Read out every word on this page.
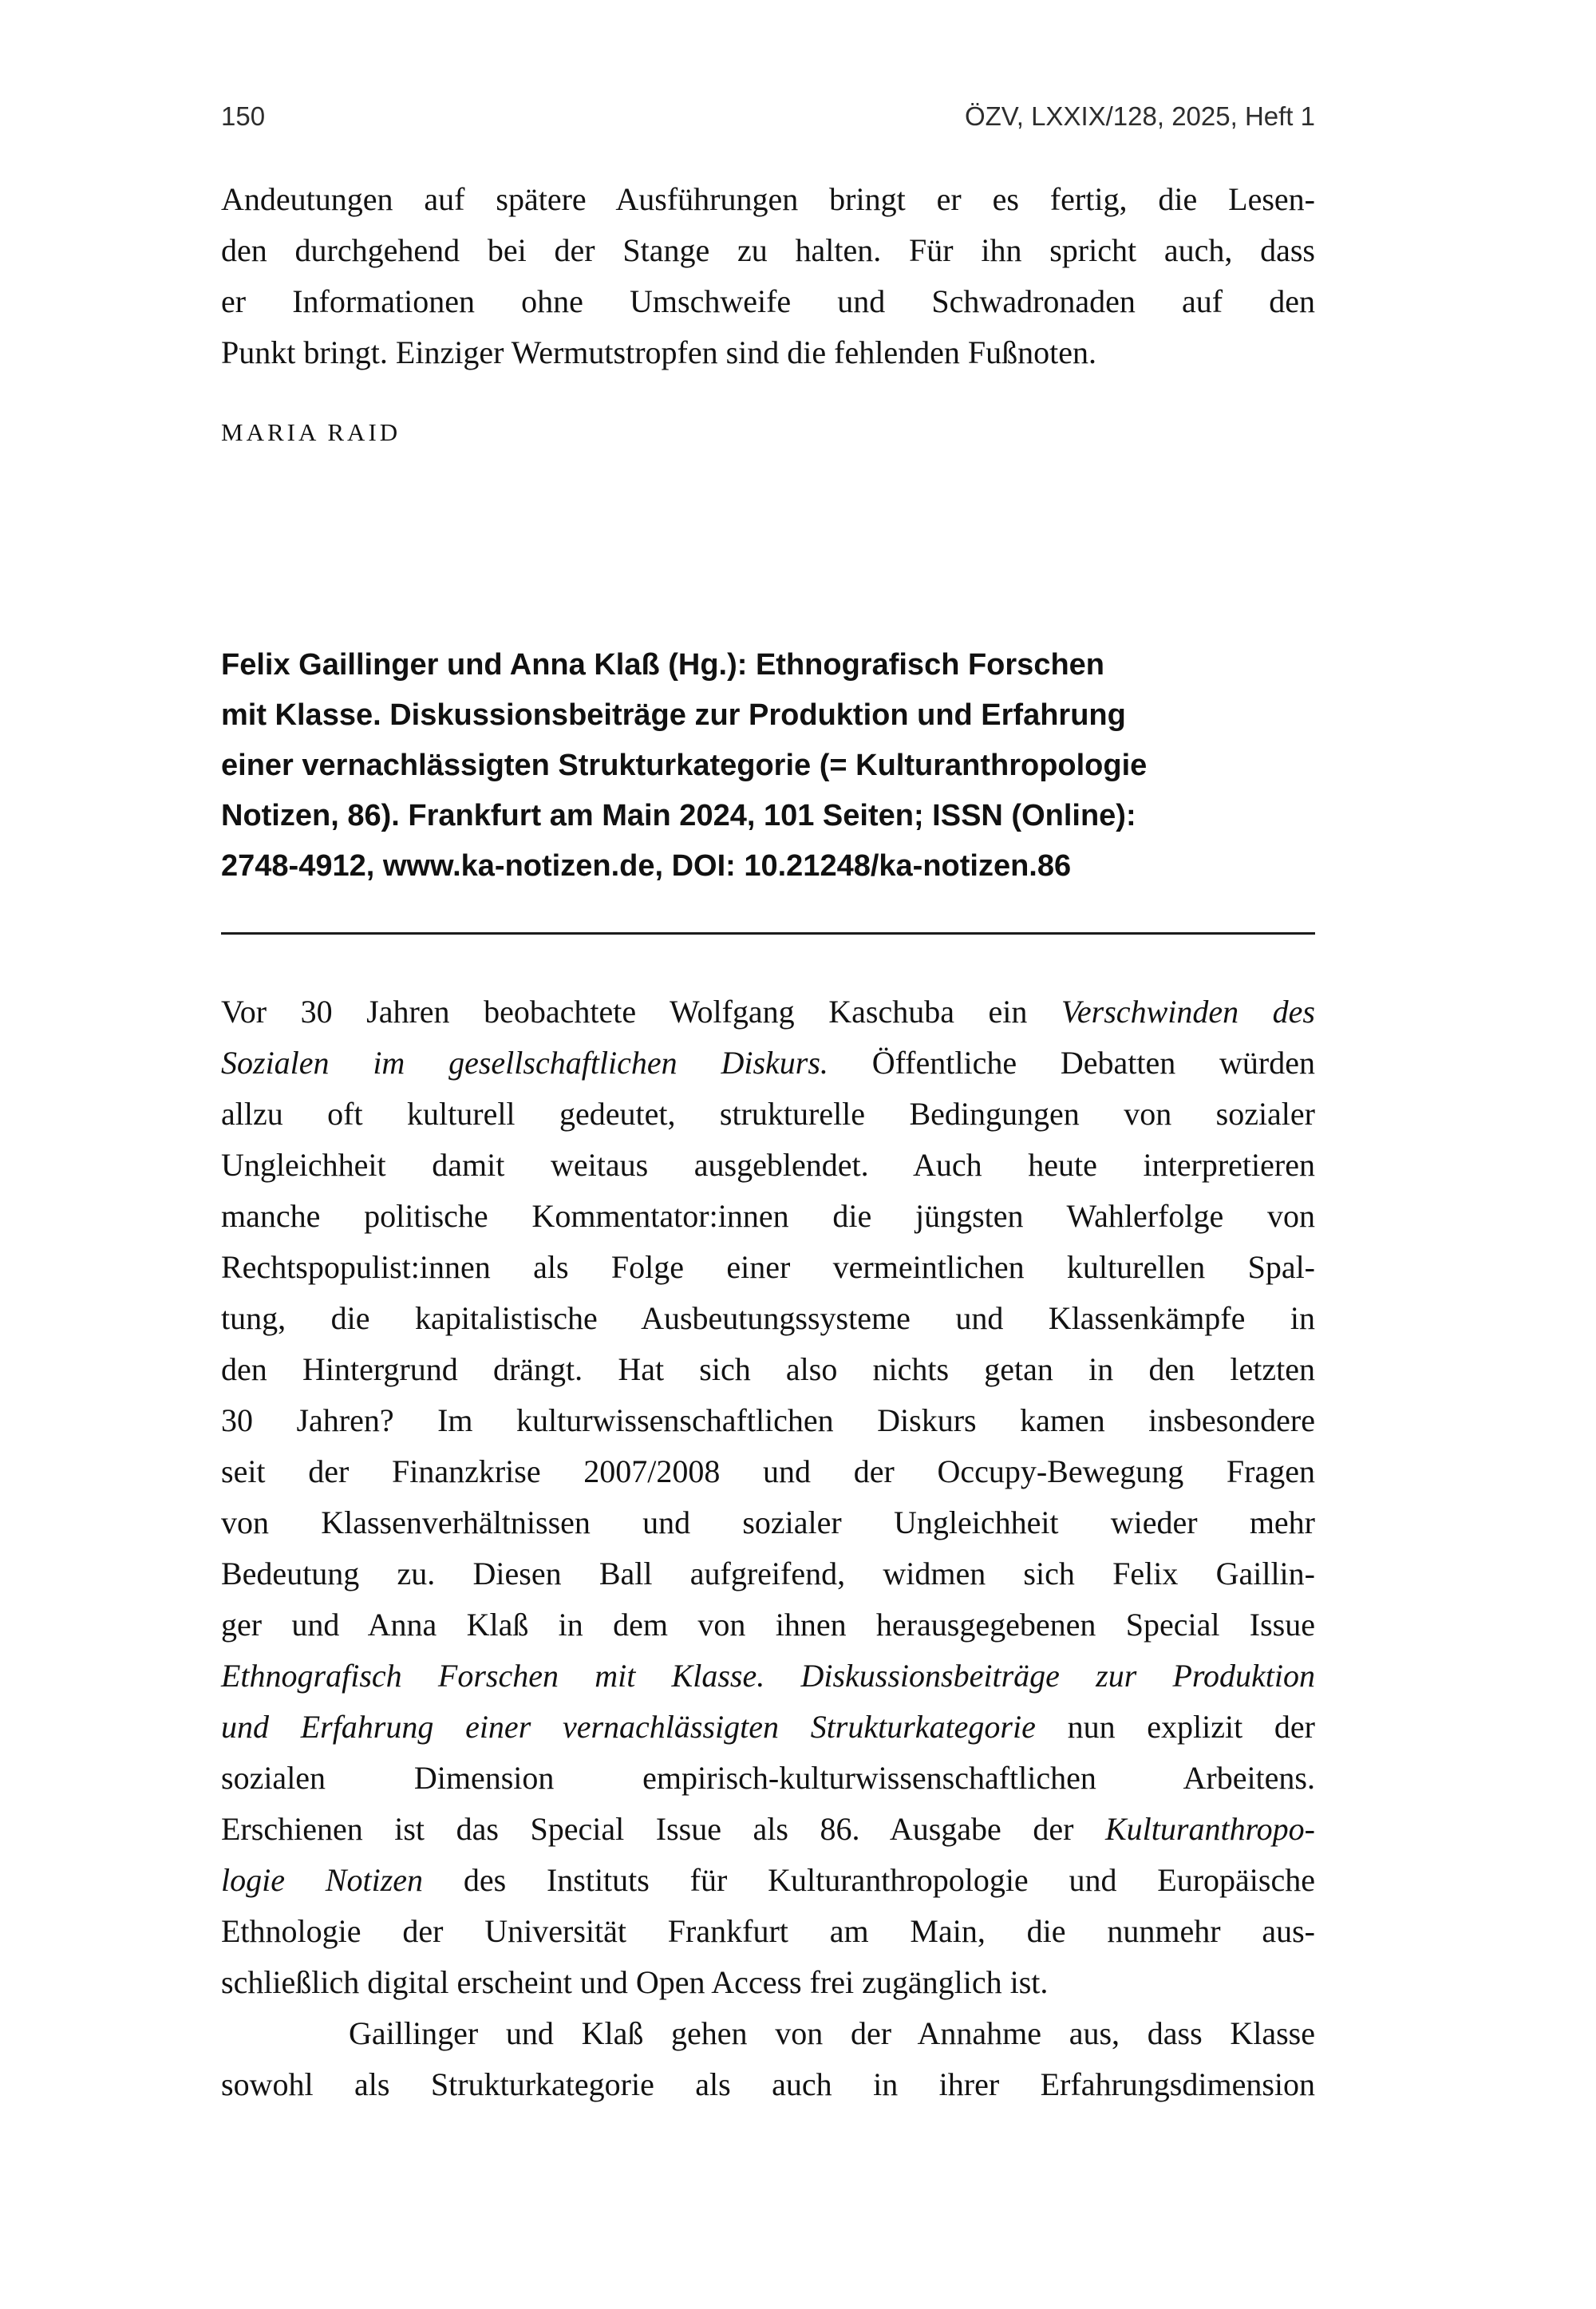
150	ÖZV, LXXIX/128, 2025, Heft 1
Andeutungen auf spätere Ausführungen bringt er es fertig, die Lesen-
den durchgehend bei der Stange zu halten. Für ihn spricht auch, dass
er Informationen ohne Umschweife und Schwadronaden auf den
Punkt bringt. Einziger Wermutstropfen sind die fehlenden Fußnoten.
MARIA RAID
Felix Gaillinger und Anna Klaß (Hg.): Ethnografisch Forschen
mit Klasse. Diskussionsbeiträge zur Produktion und Erfahrung
einer vernachlässigten Strukturkategorie (= Kulturanthropologie
Notizen, 86). Frankfurt am Main 2024, 101 Seiten; ISSN (Online):
2748-4912, www.ka-notizen.de, DOI: 10.21248/ka-notizen.86
Vor 30 Jahren beobachtete Wolfgang Kaschuba ein Verschwinden des
Sozialen im gesellschaftlichen Diskurs. Öffentliche Debatten würden
allzu oft kulturell gedeutet, strukturelle Bedingungen von sozialer
Ungleichheit damit weitaus ausgeblendet. Auch heute interpretieren
manche politische Kommentator:innen die jüngsten Wahlerfolge von
Rechtspopulist:innen als Folge einer vermeintlichen kulturellen Spal-
tung, die kapitalistische Ausbeutungssysteme und Klassenkämpfe in
den Hintergrund drängt. Hat sich also nichts getan in den letzten
30 Jahren? Im kulturwissenschaftlichen Diskurs kamen insbesondere
seit der Finanzkrise 2007/2008 und der Occupy-Bewegung Fragen
von Klassenverhältnissen und sozialer Ungleichheit wieder mehr
Bedeutung zu. Diesen Ball aufgreifend, widmen sich Felix Gaillin-
ger und Anna Klaß in dem von ihnen herausgegebenen Special Issue
Ethnografisch Forschen mit Klasse. Diskussionsbeiträge zur Produktion
und Erfahrung einer vernachlässigten Strukturkategorie nun explizit der
sozialen Dimension empirisch-kulturwissenschaftlichen Arbeitens.
Erschienen ist das Special Issue als 86. Ausgabe der Kulturanthropo-
logie Notizen des Instituts für Kulturanthropologie und Europäische
Ethnologie der Universität Frankfurt am Main, die nunmehr aus-
schließlich digital erscheint und Open Access frei zugänglich ist.
Gaillinger und Klaß gehen von der Annahme aus, dass Klasse
sowohl als Strukturkategorie als auch in ihrer Erfahrungsdimension
